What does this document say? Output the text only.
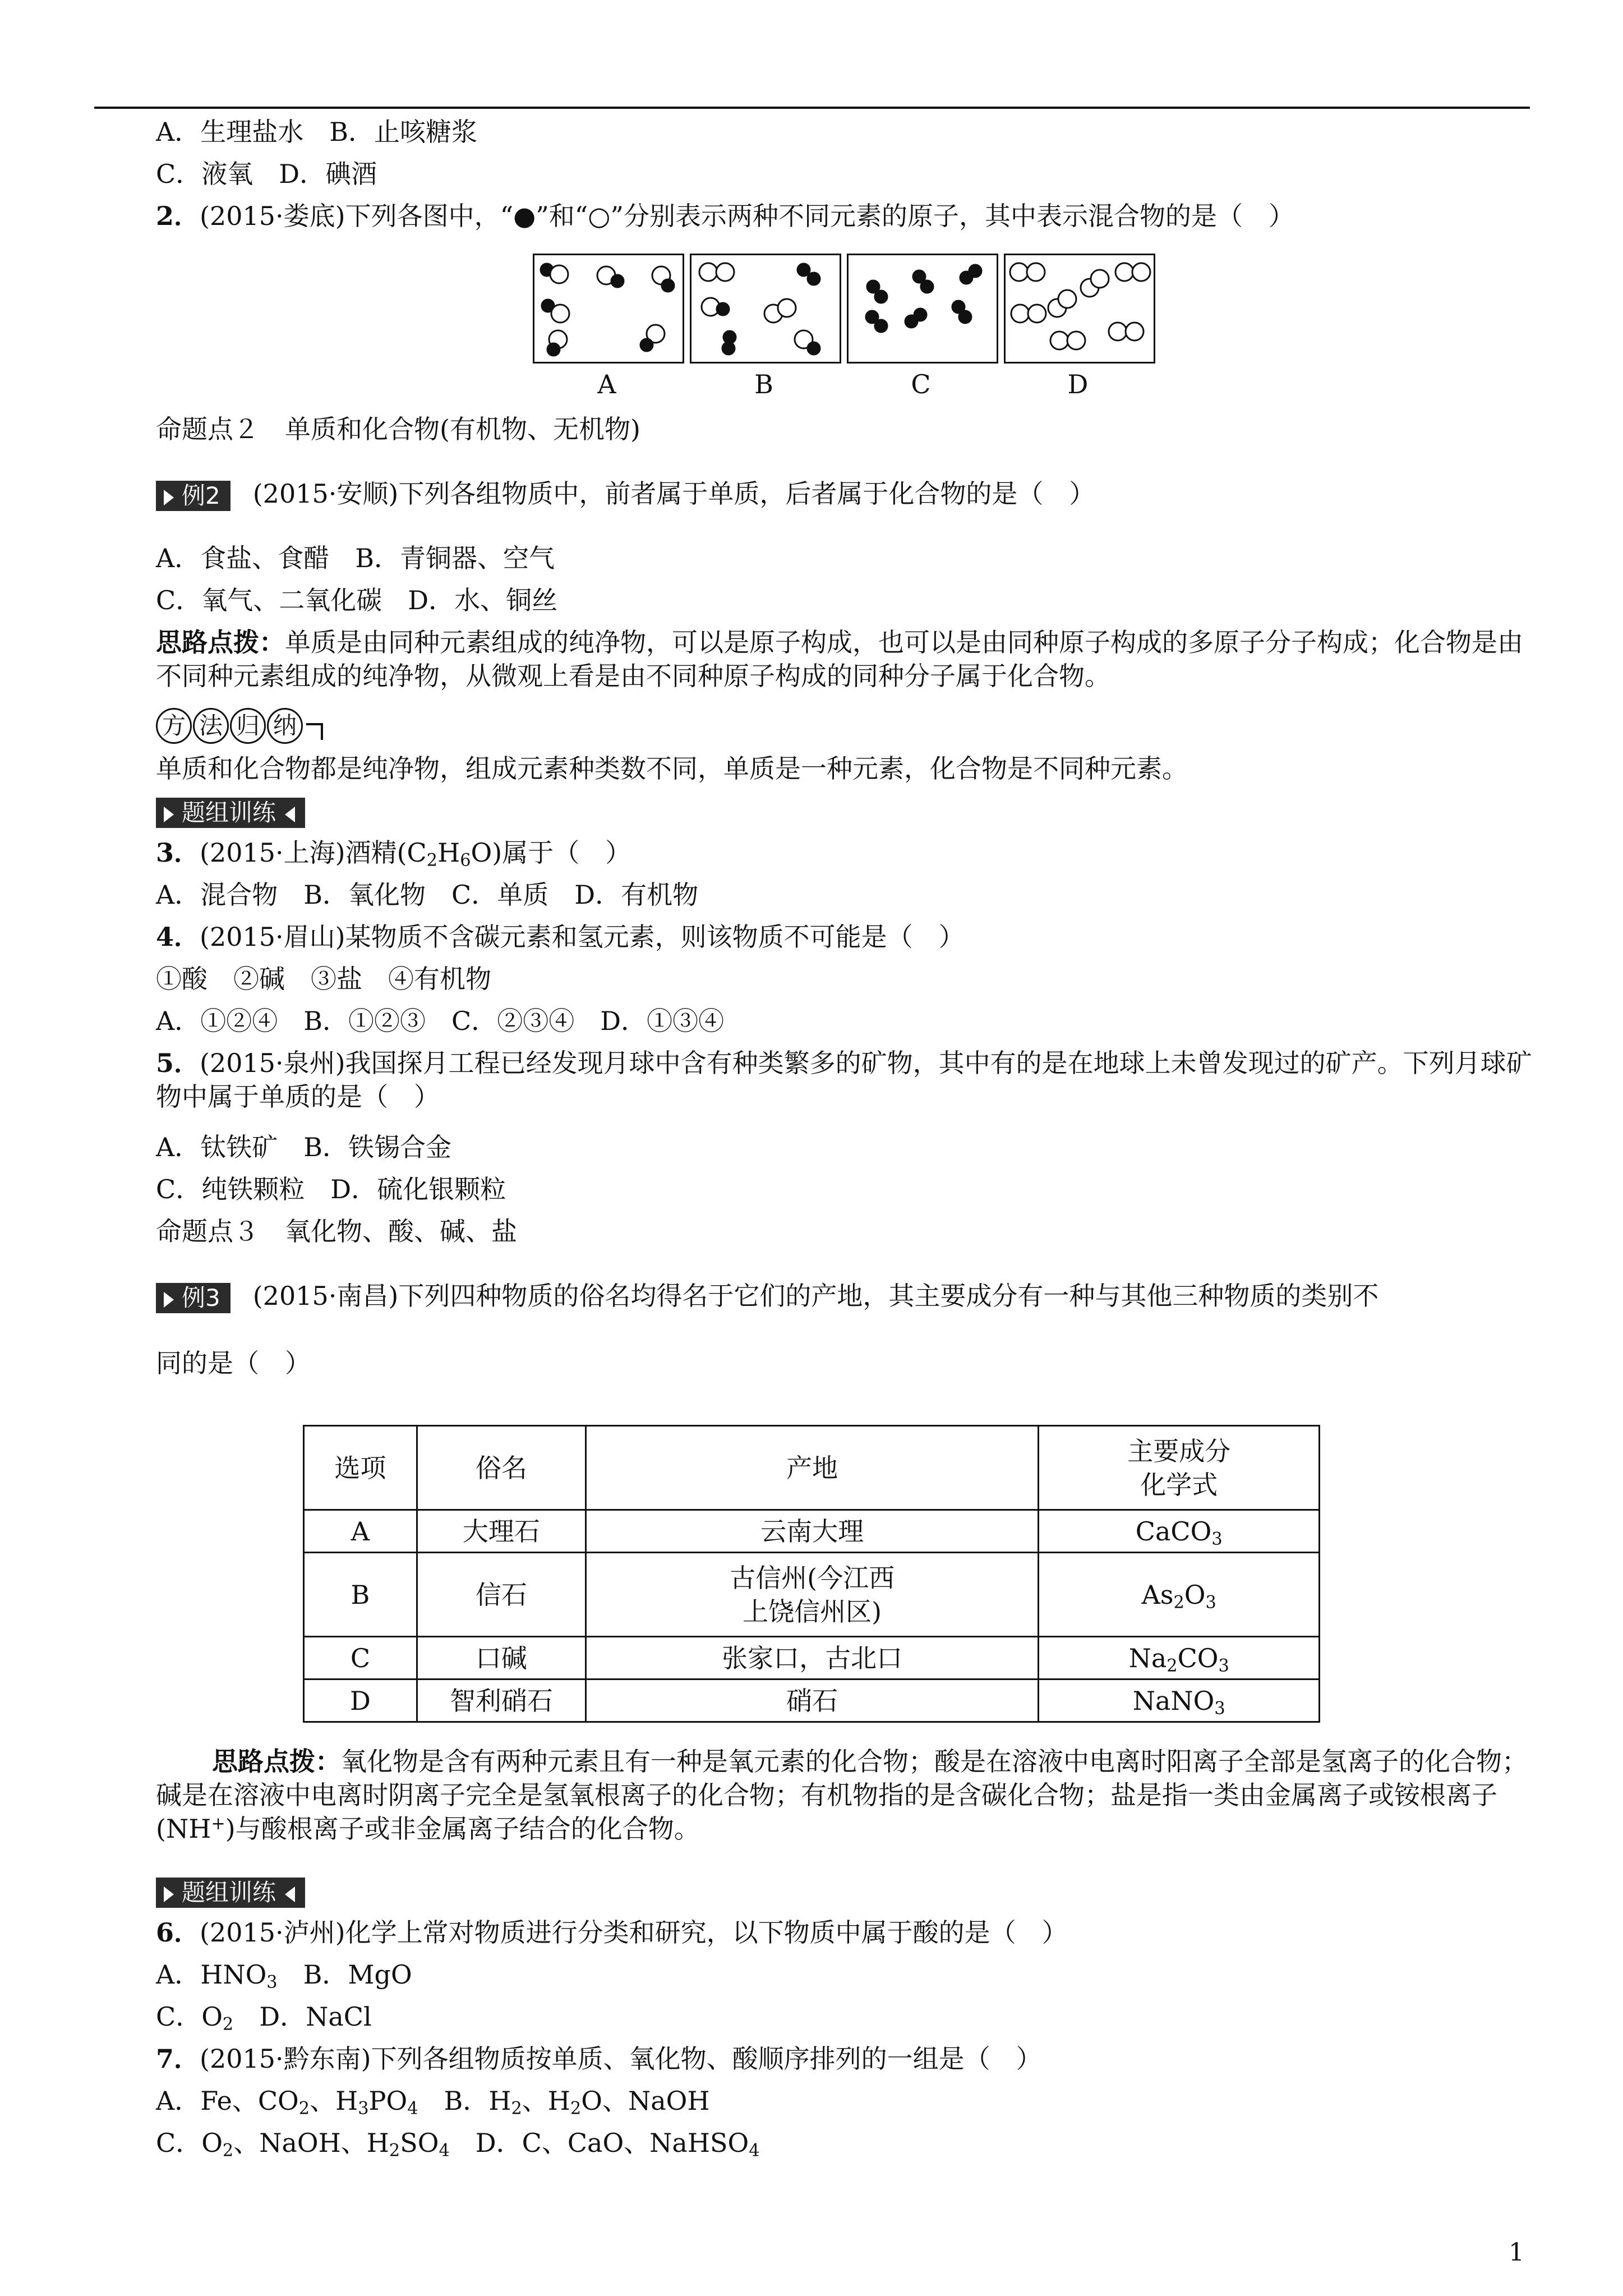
A．生理盐水　B．止咳糖浆
C．液氧　D．碘酒
2．(2015·娄底)下列各图中，“●”和“○”分别表示两种不同元素的原子，其中表示混合物的是（　）
A	B	C	D
命题点２　单质和化合物(有机物、无机物)
例2 (2015·安顺)下列各组物质中，前者属于单质，后者属于化合物的是（　）
A．食盐、食醋　B．青铜器、空气
C．氧气、二氧化碳　D．水、铜丝
思路点拨：单质是由同种元素组成的纯净物，可以是原子构成，也可以是由同种原子构成的多原子分子构成；化合物是由不同种元素组成的纯净物，从微观上看是由不同种原子构成的同种分子属于化合物。
方 法 归 纳
单质和化合物都是纯净物，组成元素种类数不同，单质是一种元素，化合物是不同种元素。
题组训练
3．(2015·上海)酒精$(C_2H_6O)$属于（　）
A．混合物　B．氧化物　C．单质　D．有机物
4．(2015·眉山)某物质不含碳元素和氢元素，则该物质不可能是（　）
①酸　②碱　③盐　④有机物
A．①②④　B．①②③　C．②③④　D．①③④
5．(2015·泉州)我国探月工程已经发现月球中含有种类繁多的矿物，其中有的是在地球上未曾发现过的矿产。下列月球矿物中属于单质的是（　）
A．钛铁矿　B．铁锡合金
C．纯铁颗粒　D．硫化银颗粒
命题点３　氧化物、酸、碱、盐
例3 (2015·南昌)下列四种物质的俗名均得名于它们的产地，其主要成分有一种与其他三种物质的类别不
同的是（　）
选项	俗名	产地	主要成分
化学式

A	大理石	云南大理	CaCO$_3$
B	信石	古信州(今江西
上饶信州区)	$As_2O_3$
C	口碱	张家口，古北口	$Na_2CO_3$
D	智利硝石	硝石	NaNO$_3$
思路点拨：氧化物是含有两种元素且有一种是氧元素的化合物；酸是在溶液中电离时阳离子全部是氢离子的化合物；碱是在溶液中电离时阴离子完全是氢氧根离子的化合物；有机物指的是含碳化合物；盐是指一类由金属离子或铵根离子(NH+)与酸根离子或非金属离子结合的化合物。
题组训练
6．(2015·泸州)化学上常对物质进行分类和研究，以下物质中属于酸的是（　）
A．$HNO_3$　B．MgO
C．$O_2$　D．NaCl
7．(2015·黔东南)下列各组物质按单质、氧化物、酸顺序排列的一组是（　）
A．Fe、$CO_2$、$H_3PO_4$　B．$H_2$、$H_2O$、NaOH
C．$O_2$、NaOH、$H_2SO_4$　D．C、CaO、NaHSO$_4$
1
